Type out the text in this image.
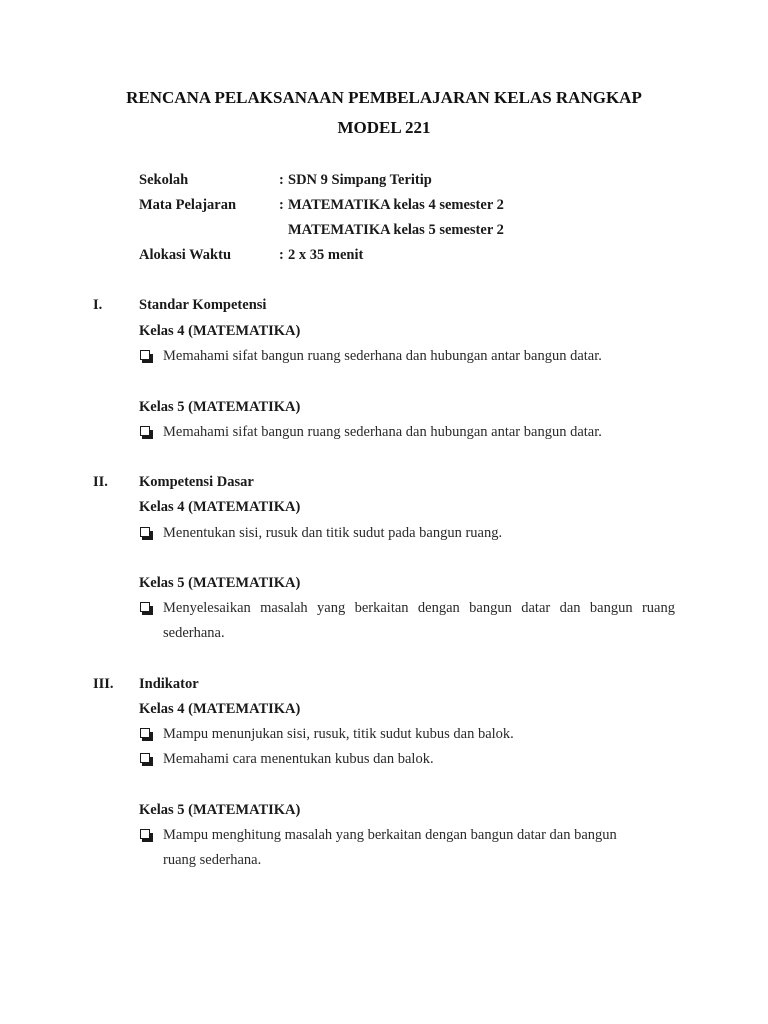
RENCANA PELAKSANAAN PEMBELAJARAN KELAS RANGKAP
MODEL 221
Sekolah	: SDN 9 Simpang Teritip
Mata Pelajaran	: MATEMATIKA kelas 4 semester 2
MATEMATIKA kelas 5 semester 2
Alokasi Waktu	: 2 x 35 menit
I.	Standar Kompetensi
Kelas 4 (MATEMATIKA)
Memahami sifat bangun ruang sederhana dan hubungan antar bangun datar.
Kelas 5 (MATEMATIKA)
Memahami sifat bangun ruang sederhana dan hubungan antar bangun datar.
II. Kompetensi Dasar
Kelas 4 (MATEMATIKA)
Menentukan sisi, rusuk dan titik sudut pada bangun ruang.
Kelas 5 (MATEMATIKA)
Menyelesaikan masalah yang berkaitan dengan bangun datar dan bangun ruang
sederhana.
III. Indikator
Kelas 4 (MATEMATIKA)
Mampu menunjukan sisi, rusuk, titik sudut kubus dan balok.
Memahami cara menentukan kubus dan balok.
Kelas 5 (MATEMATIKA)
Mampu menghitung masalah yang berkaitan dengan bangun datar dan bangun
ruang sederhana.
